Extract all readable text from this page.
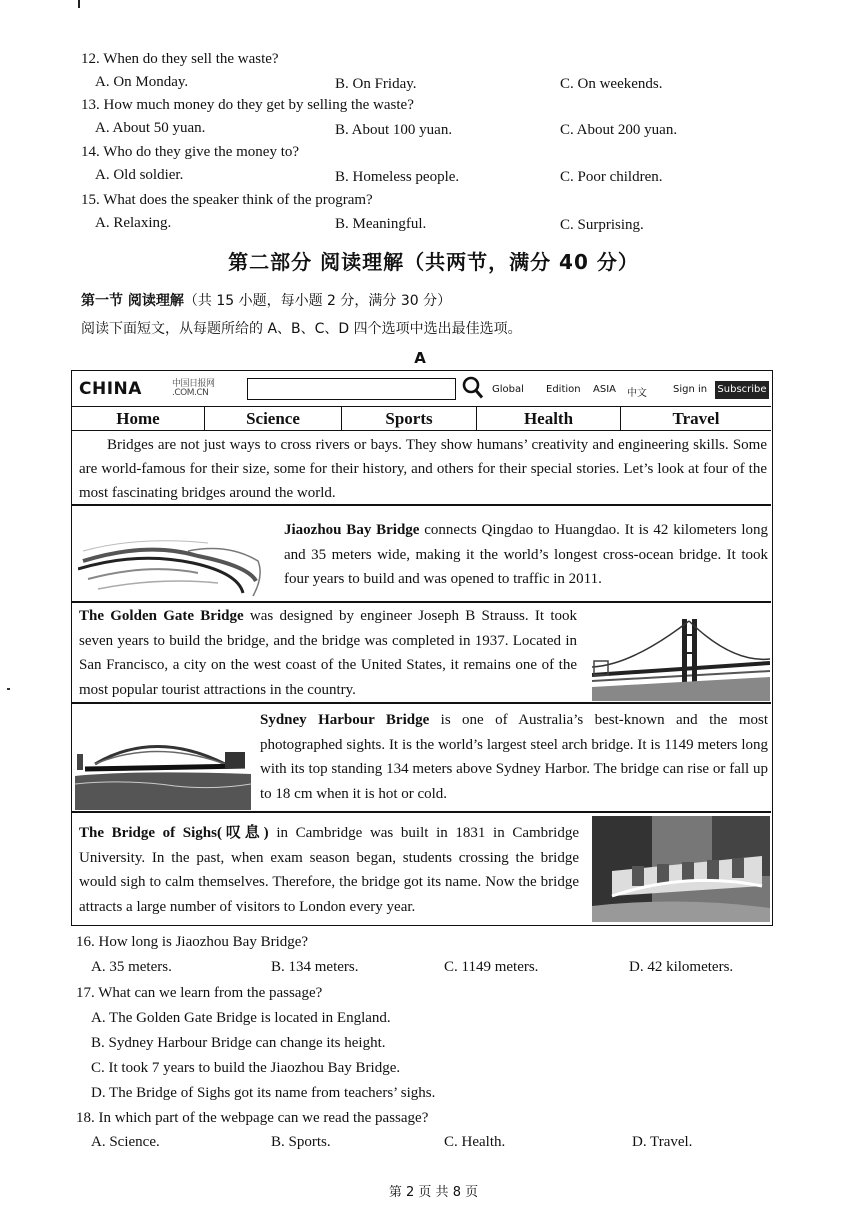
12. When do they sell the waste?
A. On Monday.	B. On Friday.	C. On weekends.
13. How much money do they get by selling the waste?
A. About 50 yuan.	B. About 100 yuan.	C. About 200 yuan.
14. Who do they give the money to?
A. Old soldier.	B. Homeless people.	C. Poor children.
15. What does the speaker think of the program?
A. Relaxing.	B. Meaningful.	C. Surprising.
第二部分 阅读理解（共两节，满分 40 分）
第一节 阅读理解（共 15 小题，每小题 2 分，满分 30 分）
阅读下面短文，从每题所给的 A、B、C、D 四个选项中选出最佳选项。
A
CHINA	中国日报网 .COM.CN	Global Edition ASIA 中文	Sign in Subscribe
Home	Science	Sports	Health	Travel
Bridges are not just ways to cross rivers or bays. They show humans’ creativity and engineering skills. Some are world-famous for their size, some for their history, and others for their special stories. Let’s look at four of the most fascinating bridges around the world.
Jiaozhou Bay Bridge connects Qingdao to Huangdao. It is 42 kilometers long and 35 meters wide, making it the world’s longest cross-ocean bridge. It took four years to build and was opened to traffic in 2011.
The Golden Gate Bridge was designed by engineer Joseph B Strauss. It took seven years to build the bridge, and the bridge was completed in 1937. Located in San Francisco, a city on the west coast of the United States, it remains one of the most popular tourist attractions in the country.
Sydney Harbour Bridge is one of Australia’s best-known and the most photographed sights. It is the world’s largest steel arch bridge. It is 1149 meters long with its top standing 134 meters above Sydney Harbor. The bridge can rise or fall up to 18 cm when it is hot or cold.
The Bridge of Sighs(叹息) in Cambridge was built in 1831 in Cambridge University. In the past, when exam season began, students crossing the bridge would sigh to calm themselves. Therefore, the bridge got its name. Now the bridge attracts a large number of visitors to London every year.
16. How long is Jiaozhou Bay Bridge?
A. 35 meters.	B. 134 meters.	C. 1149 meters.	D. 42 kilometers.
17. What can we learn from the passage?
A. The Golden Gate Bridge is located in England.
B. Sydney Harbour Bridge can change its height.
C. It took 7 years to build the Jiaozhou Bay Bridge.
D. The Bridge of Sighs got its name from teachers’ sighs.
18. In which part of the webpage can we read the passage?
A. Science.	B. Sports.	C. Health.	D. Travel.
第 2 页 共 8 页
